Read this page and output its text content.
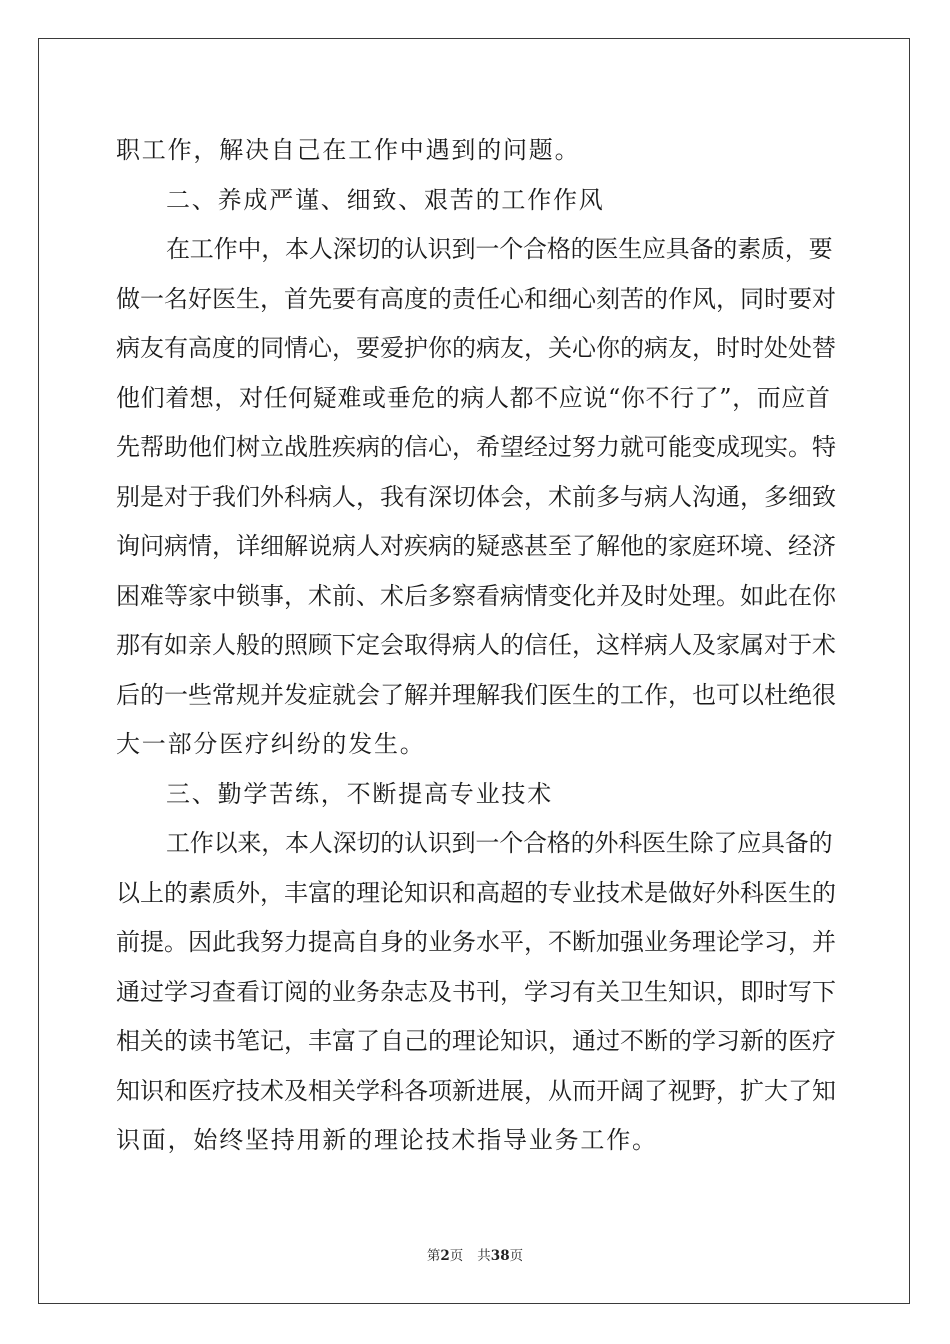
职工作，解决自己在工作中遇到的问题。
二、养成严谨、细致、艰苦的工作作风
在工作中，本人深切的认识到一个合格的医生应具备的素质，要
做一名好医生，首先要有高度的责任心和细心刻苦的作风，同时要对
病友有高度的同情心，要爱护你的病友，关心你的病友，时时处处替
他们着想，对任何疑难或垂危的病人都不应说“你不行了”，而应首
先帮助他们树立战胜疾病的信心，希望经过努力就可能变成现实。特
别是对于我们外科病人，我有深切体会，术前多与病人沟通，多细致
询问病情，详细解说病人对疾病的疑惑甚至了解他的家庭环境、经济
困难等家中锁事，术前、术后多察看病情变化并及时处理。如此在你
那有如亲人般的照顾下定会取得病人的信任，这样病人及家属对于术
后的一些常规并发症就会了解并理解我们医生的工作，也可以杜绝很
大一部分医疗纠纷的发生。
三、勤学苦练，不断提高专业技术
工作以来，本人深切的认识到一个合格的外科医生除了应具备的
以上的素质外，丰富的理论知识和高超的专业技术是做好外科医生的
前提。因此我努力提高自身的业务水平，不断加强业务理论学习，并
通过学习查看订阅的业务杂志及书刊，学习有关卫生知识，即时写下
相关的读书笔记，丰富了自己的理论知识，通过不断的学习新的医疗
知识和医疗技术及相关学科各项新进展，从而开阔了视野，扩大了知
识面，始终坚持用新的理论技术指导业务工作。
第2页 共38页
